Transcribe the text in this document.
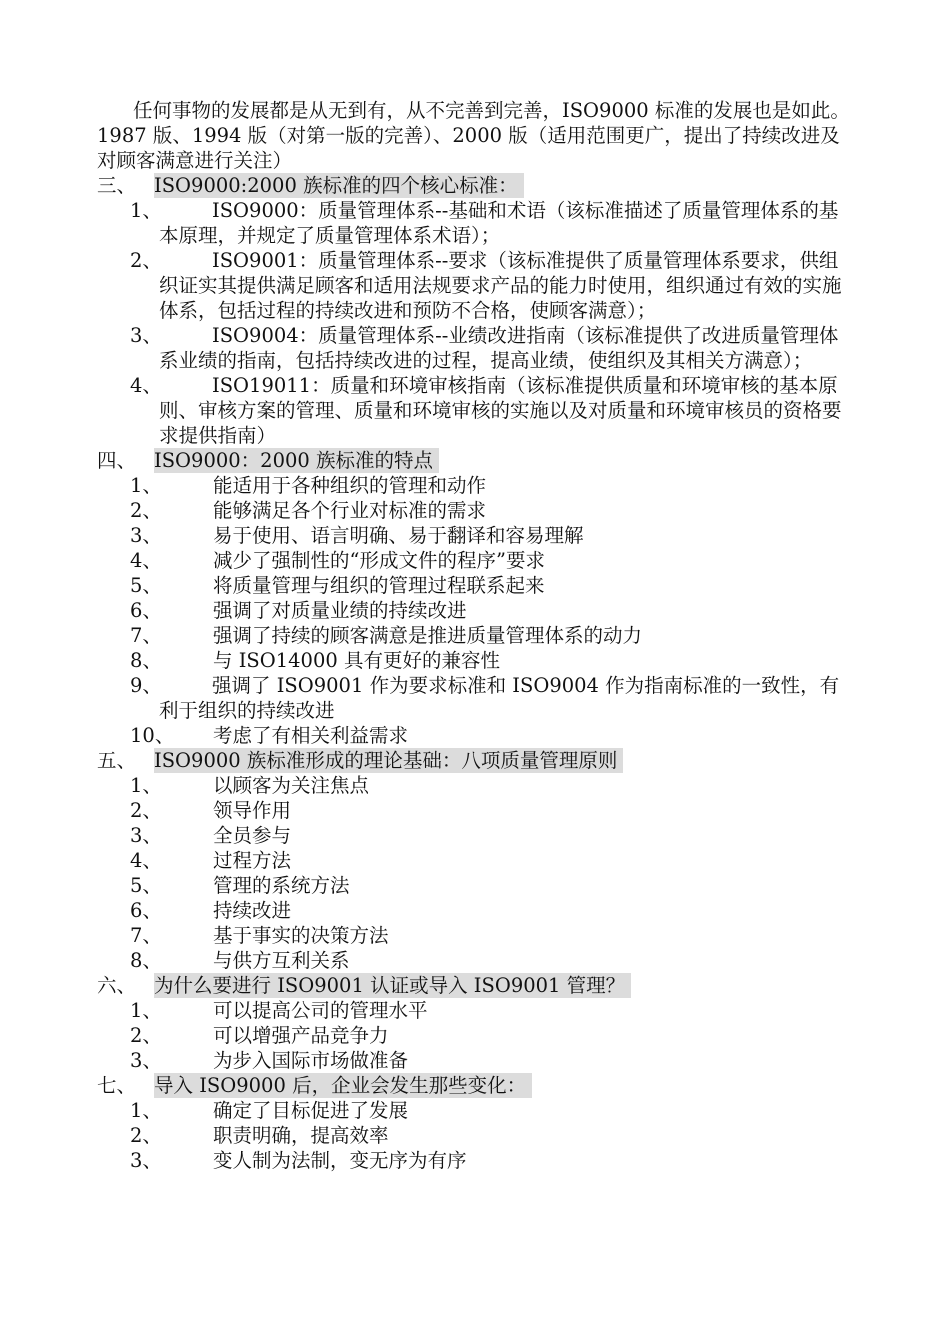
任何事物的发展都是从无到有，从不完善到完善，ISO9000 标准的发展也是如此。

1987 版、1994 版（对第一版的完善）、2000 版（适用范围更广，提出了持续改进及对顾客满意进行关注）

三、 ISO9000:2000 族标准的四个核心标准：
1、	ISO9000：质量管理体系--基础和术语（该标准描述了质量管理体系的基本原理，并规定了质量管理体系术语）；
2、	ISO9001：质量管理体系--要求（该标准提供了质量管理体系要求，供组织证实其提供满足顾客和适用法规要求产品的能力时使用，组织通过有效的实施体系，包括过程的持续改进和预防不合格，使顾客满意）；
3、	ISO9004：质量管理体系--业绩改进指南（该标准提供了改进质量管理体系业绩的指南，包括持续改进的过程，提高业绩，使组织及其相关方满意）；
4、	ISO19011：质量和环境审核指南（该标准提供质量和环境审核的基本原则、审核方案的管理、质量和环境审核的实施以及对质量和环境审核员的资格要求提供指南）
四、 ISO9000：2000 族标准的特点
1、	能适用于各种组织的管理和动作
2、	能够满足各个行业对标准的需求
3、	易于使用、语言明确、易于翻译和容易理解
4、	减少了强制性的“形成文件的程序”要求
5、	将质量管理与组织的管理过程联系起来
6、	强调了对质量业绩的持续改进
7、	强调了持续的顾客满意是推进质量管理体系的动力
8、	与 ISO14000 具有更好的兼容性
9、	强调了 ISO9001 作为要求标准和 ISO9004 作为指南标准的一致性，有利于组织的持续改进
10、	考虑了有相关利益需求
五、 ISO9000 族标准形成的理论基础：八项质量管理原则
1、	以顾客为关注焦点
2、	领导作用
3、	全员参与
4、	过程方法
5、	管理的系统方法
6、	持续改进
7、	基于事实的决策方法
8、	与供方互利关系
六、 为什么要进行 ISO9001 认证或导入 ISO9001 管理？
1、	可以提高公司的管理水平
2、	可以增强产品竞争力
3、	为步入国际市场做准备
七、 导入 ISO9000 后，企业会发生那些变化：
1、	确定了目标促进了发展
2、	职责明确，提高效率
3、	变人制为法制，变无序为有序
